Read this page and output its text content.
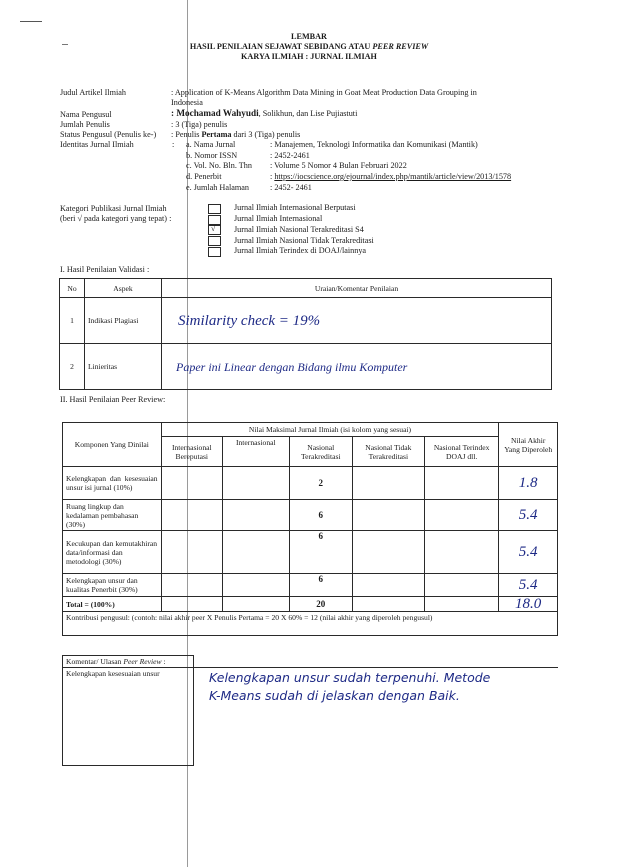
LEMBAR
HASIL PENILAIAN SEJAWAT SEBIDANG ATAU PEER REVIEW
KARYA ILMIAH : JURNAL ILMIAH
Judul Artikel Ilmiah	: Application of K-Means Algorithm Data Mining in Goat Meat Production Data Grouping in
Indonesia
Nama Pengusul	: Mochamad Wahyudi, Solikhun, dan Lise Pujiastuti
Jumlah Penulis	: 3 (Tiga) penulis
Status Pengusul (Penulis ke-) : Penulis Pertama dari 3 (Tiga) penulis
Identitas Jurnal Ilmiah	: a. Nama Jurnal	: Manajemen, Teknologi Informatika dan Komunikasi (Mantik)
b. Nomor ISSN	: 2452-2461
c. Vol. No. Bln. Thn : Volume 5 Nomor 4 Bulan Februari 2022
d. Penerbit	: https://iocscience.org/ejournal/index.php/mantik/article/view/2013/1578
e. Jumlah Halaman	: 2452- 2461
Kategori Publikasi Jurnal Ilmiah
(beri √ pada kategori yang tepat) :
Jurnal Ilmiah Internasional Berputasi
Jurnal Ilmiah Internasional
√ Jurnal Ilmiah Nasional Terakreditasi S4
Jurnal Ilmiah Nasional Tidak Terakreditasi
Jurnal Ilmiah Terindex di DOAJ/lainnya
I. Hasil Penilaian Validasi :
No	Aspek	Uraian/Komentar Penilaian
1	Indikasi Plagiasi	Similarity check = 19%
2	Linieritas	Paper ini Linear dengan Bidang ilmu Komputer
II. Hasil Penilaian Peer Review:
Komponen Yang Dinilai	Nilai Maksimal Jurnal Ilmiah (isi kolom yang sesuai)					Nilai Akhir Yang Diperoleh
	Internasional Bereputasi	Internasional	Nasional Terakreditasi	Nasional Tidak Terakreditasi	Nasional Terindex DOAJ dll.	
Kelengkapan dan kesesuaian unsur isi jurnal (10%)			2			1.8
Ruang lingkup dan kedalaman pembahasan (30%)			6			5.4
Kecukupan dan kemutakhiran data/informasi dan metodologi (30%)			6			5.4
Kelengkapan unsur dan kualitas Penerbit (30%)			6			5.4
Total = (100%)			20			18.0
Kontribusi pengusul: (contoh: nilai akhir peer X Penulis Pertama = 20 X 60% = 12 (nilai akhir yang diperoleh pengusul)						
Komentar/ Ulasan Peer Review :	
Kelengkapan kesesuaian unsur	Kelengkapan unsur sudah terpenuhi. Metode
K-Means sudah di jelaskan dengan Baik.
